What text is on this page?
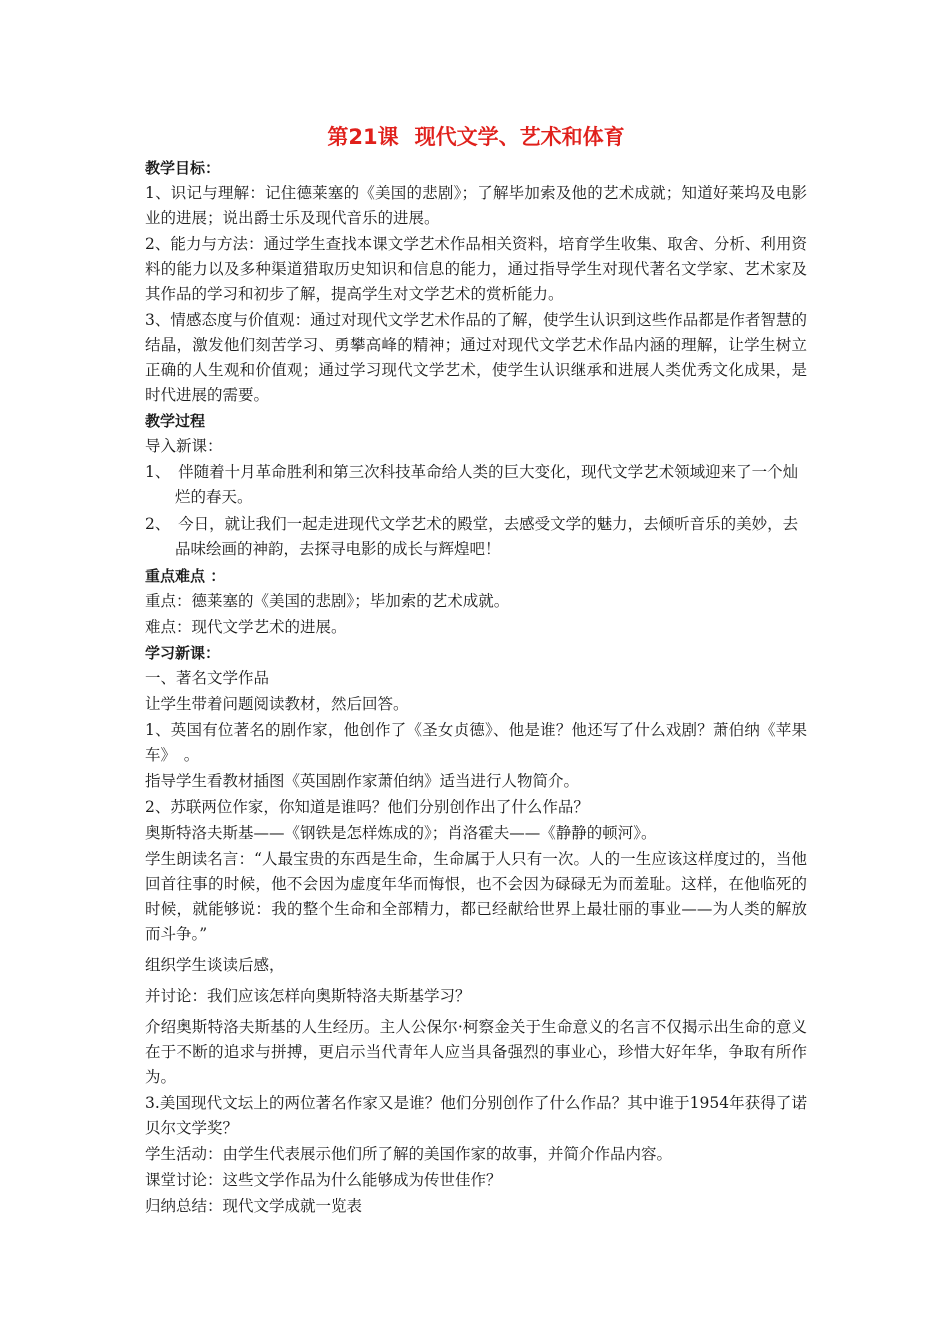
第21课 现代文学、艺术和体育
教学目标：

1、识记与理解：记住德莱塞的《美国的悲剧》；了解毕加索及他的艺术成就；知道好莱坞及电影业的进展；说出爵士乐及现代音乐的进展。

2、能力与方法：通过学生查找本课文学艺术作品相关资料，培育学生收集、取舍、分析、利用资料的能力以及多种渠道猎取历史知识和信息的能力，通过指导学生对现代著名文学家、艺术家及其作品的学习和初步了解，提高学生对文学艺术的赏析能力。

3、情感态度与价值观：通过对现代文学艺术作品的了解，使学生认识到这些作品都是作者智慧的结晶，激发他们刻苦学习、勇攀高峰的精神；通过对现代文学艺术作品内涵的理解，让学生树立正确的人生观和价值观；通过学习现代文学艺术，使学生认识继承和进展人类优秀文化成果，是时代进展的需要。

教学过程

导入新课：

1、　伴随着十月革命胜利和第三次科技革命给人类的巨大变化，现代文学艺术领域迎来了一个灿烂的春天。

2、　今日，就让我们一起走进现代文学艺术的殿堂，去感受文学的魅力，去倾听音乐的美妙，去品味绘画的神韵，去探寻电影的成长与辉煌吧！

重点难点 ：

重点：德莱塞的《美国的悲剧》；毕加索的艺术成就。

难点：现代文学艺术的进展。

学习新课：

一、著名文学作品

让学生带着问题阅读教材，然后回答。

1、英国有位著名的剧作家，他创作了《圣女贞德》、他是谁？他还写了什么戏剧？萧伯纳《苹果车》　。

指导学生看教材插图《英国剧作家萧伯纳》适当进行人物简介。

2、苏联两位作家，你知道是谁吗？他们分别创作出了什么作品？

奥斯特洛夫斯基——《钢铁是怎样炼成的》；肖洛霍夫——《静静的顿河》。

学生朗读名言：“人最宝贵的东西是生命，生命属于人只有一次。人的一生应该这样度过的，当他回首往事的时候，他不会因为虚度年华而悔恨，也不会因为碌碌无为而羞耻。这样，在他临死的时候，就能够说：我的整个生命和全部精力，都已经献给世界上最壮丽的事业——为人类的解放而斗争。”

组织学生谈读后感，

并讨论：我们应该怎样向奥斯特洛夫斯基学习？

介绍奥斯特洛夫斯基的人生经历。主人公保尔·柯察金关于生命意义的名言不仅揭示出生命的意义在于不断的追求与拼搏，更启示当代青年人应当具备强烈的事业心，珍惜大好年华，争取有所作为。

3.美国现代文坛上的两位著名作家又是谁？他们分别创作了什么作品？其中谁于1954年获得了诺贝尔文学奖？

学生活动：由学生代表展示他们所了解的美国作家的故事，并简介作品内容。

课堂讨论：这些文学作品为什么能够成为传世佳作？

归纳总结：现代文学成就一览表
